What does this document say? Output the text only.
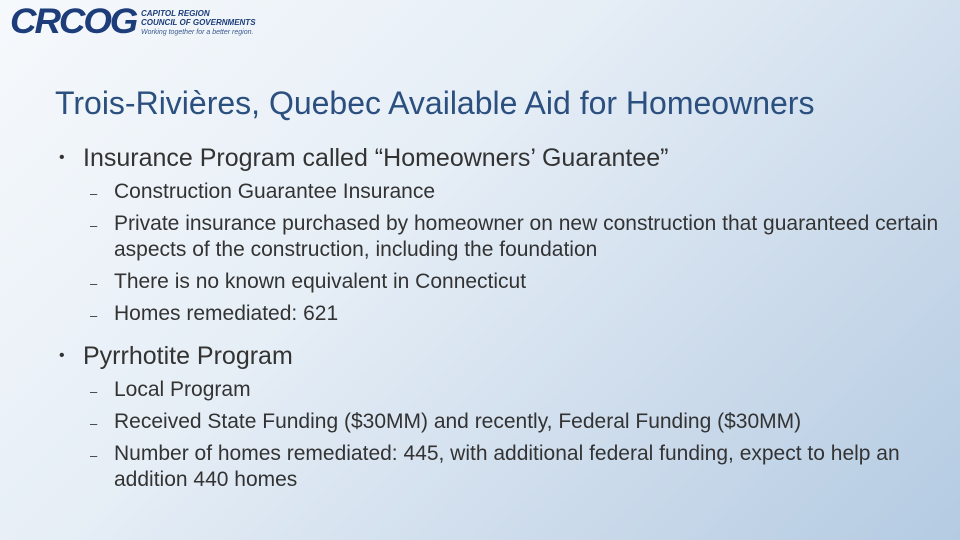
CRCOG CAPITOL REGION
COUNCIL OF GOVERNMENTS
Working together for a better region.
Trois-Rivières, Quebec Available Aid for Homeowners
• Insurance Program called “Homeowners’ Guarantee”
– Construction Guarantee Insurance
– Private insurance purchased by homeowner on new construction that guaranteed certain aspects of the construction, including the foundation
– There is no known equivalent in Connecticut
– Homes remediated: 621
• Pyrrhotite Program
– Local Program
– Received State Funding ($30MM) and recently, Federal Funding ($30MM)
– Number of homes remediated: 445, with additional federal funding, expect to help an addition 440 homes
